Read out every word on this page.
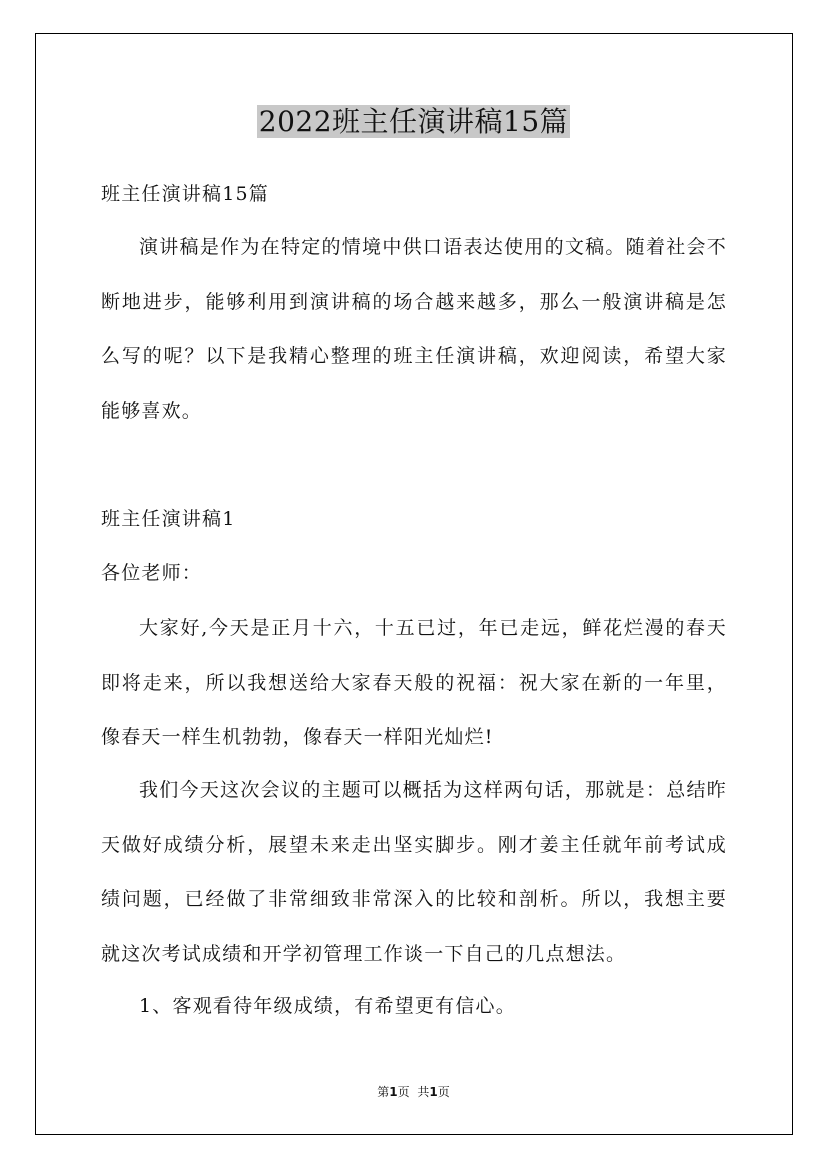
2022班主任演讲稿15篇

班主任演讲稿15篇

演讲稿是作为在特定的情境中供口语表达使用的文稿。随着社会不断地进步，能够利用到演讲稿的场合越来越多，那么一般演讲稿是怎么写的呢？以下是我精心整理的班主任演讲稿，欢迎阅读，希望大家能够喜欢。

班主任演讲稿1

各位老师：

大家好,今天是正月十六，十五已过，年已走远，鲜花烂漫的春天即将走来，所以我想送给大家春天般的祝福：祝大家在新的一年里，像春天一样生机勃勃，像春天一样阳光灿烂!

我们今天这次会议的主题可以概括为这样两句话，那就是：总结昨天做好成绩分析，展望未来走出坚实脚步。刚才姜主任就年前考试成绩问题，已经做了非常细致非常深入的比较和剖析。所以，我想主要就这次考试成绩和开学初管理工作谈一下自己的几点想法。

1、客观看待年级成绩，有希望更有信心。

第1页 共1页
